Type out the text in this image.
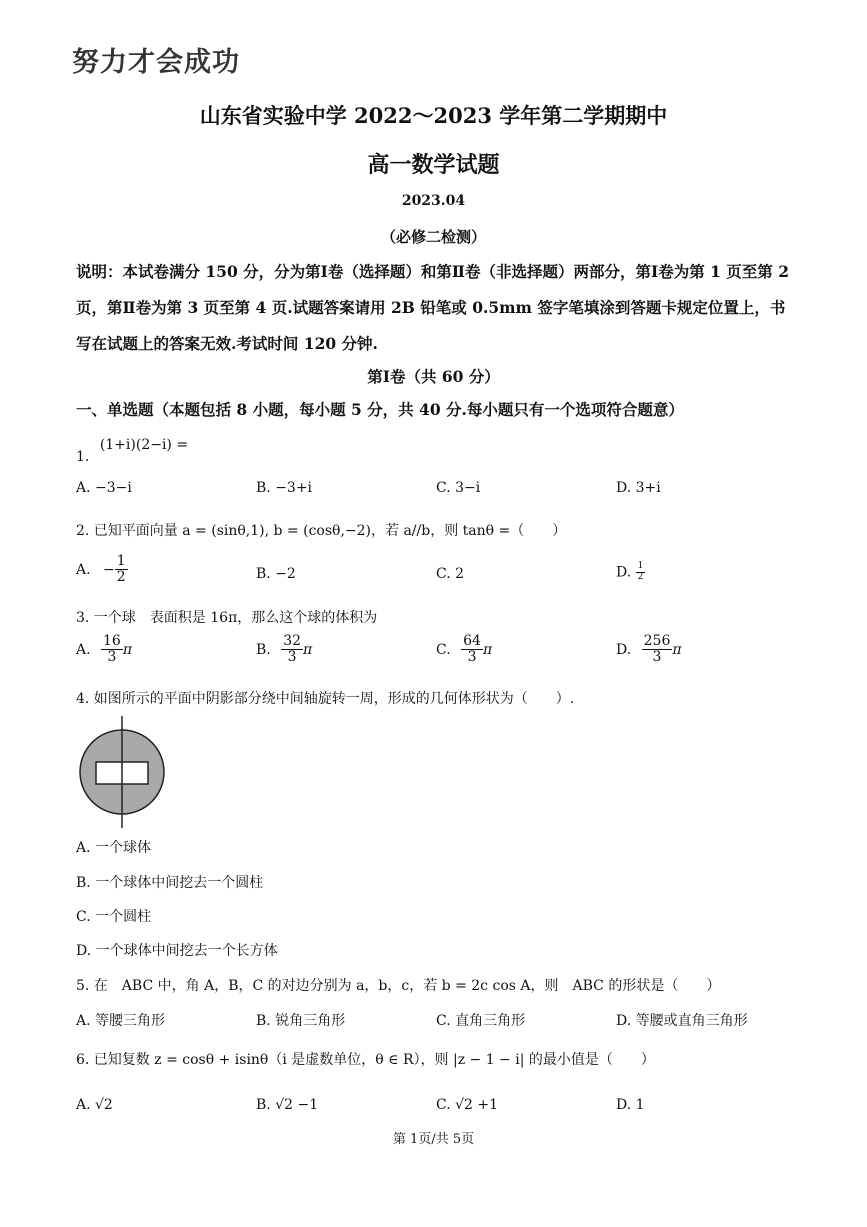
努力才会成功
山东省实验中学 2022～2023 学年第二学期期中
高一数学试题
2023.04
（必修二检测）
说明：本试卷满分 150 分，分为第Ⅰ卷（选择题）和第Ⅱ卷（非选择题）两部分，第Ⅰ卷为第 1 页至第 2 页，第Ⅱ卷为第 3 页至第 4 页.试题答案请用 2B 铅笔或 0.5mm 签字笔填涂到答题卡规定位置上，书写在试题上的答案无效.考试时间 120 分钟.
第Ⅰ卷（共 60 分）
一、单选题（本题包括 8 小题，每小题 5 分，共 40 分.每小题只有一个选项符合题意）
1. (1+i)(2−i) =
A. −3−i	B. −3+i	C. 3−i	D. 3+i
2. 已知平面向量 a = (sinθ,1), b = (cosθ,−2)，若 a//b，则 tanθ =（　　）
A. − $\frac{1}{2}$	B. −2	C. 2	D. $\frac{1}{2}$
3. 一个球　表面积是 16π，那么这个球的体积为
A. $\frac{16}{3}$ π	B. $\frac{32}{3}$ π	C. $\frac{64}{3}$ π	D. $\frac{256}{3}$ π
4. 如图所示的平面中阴影部分绕中间轴旋转一周，形成的几何体形状为（　　）.
A. 一个球体
B. 一个球体中间挖去一个圆柱
C. 一个圆柱
D. 一个球体中间挖去一个长方体
5. 在　ABC 中，角 A，B，C 的对边分别为 a，b，c，若 b = 2c cos A，则　ABC 的形状是（　　）
A. 等腰三角形	B. 锐角三角形	C. 直角三角形	D. 等腰或直角三角形
6. 已知复数 z = cosθ + isinθ（i 是虚数单位，θ ∈ R），则 |z − 1 − i| 的最小值是（　　）
A. √2	B. √2 −1	C. √2 +1	D. 1
第 1页/共 5页
